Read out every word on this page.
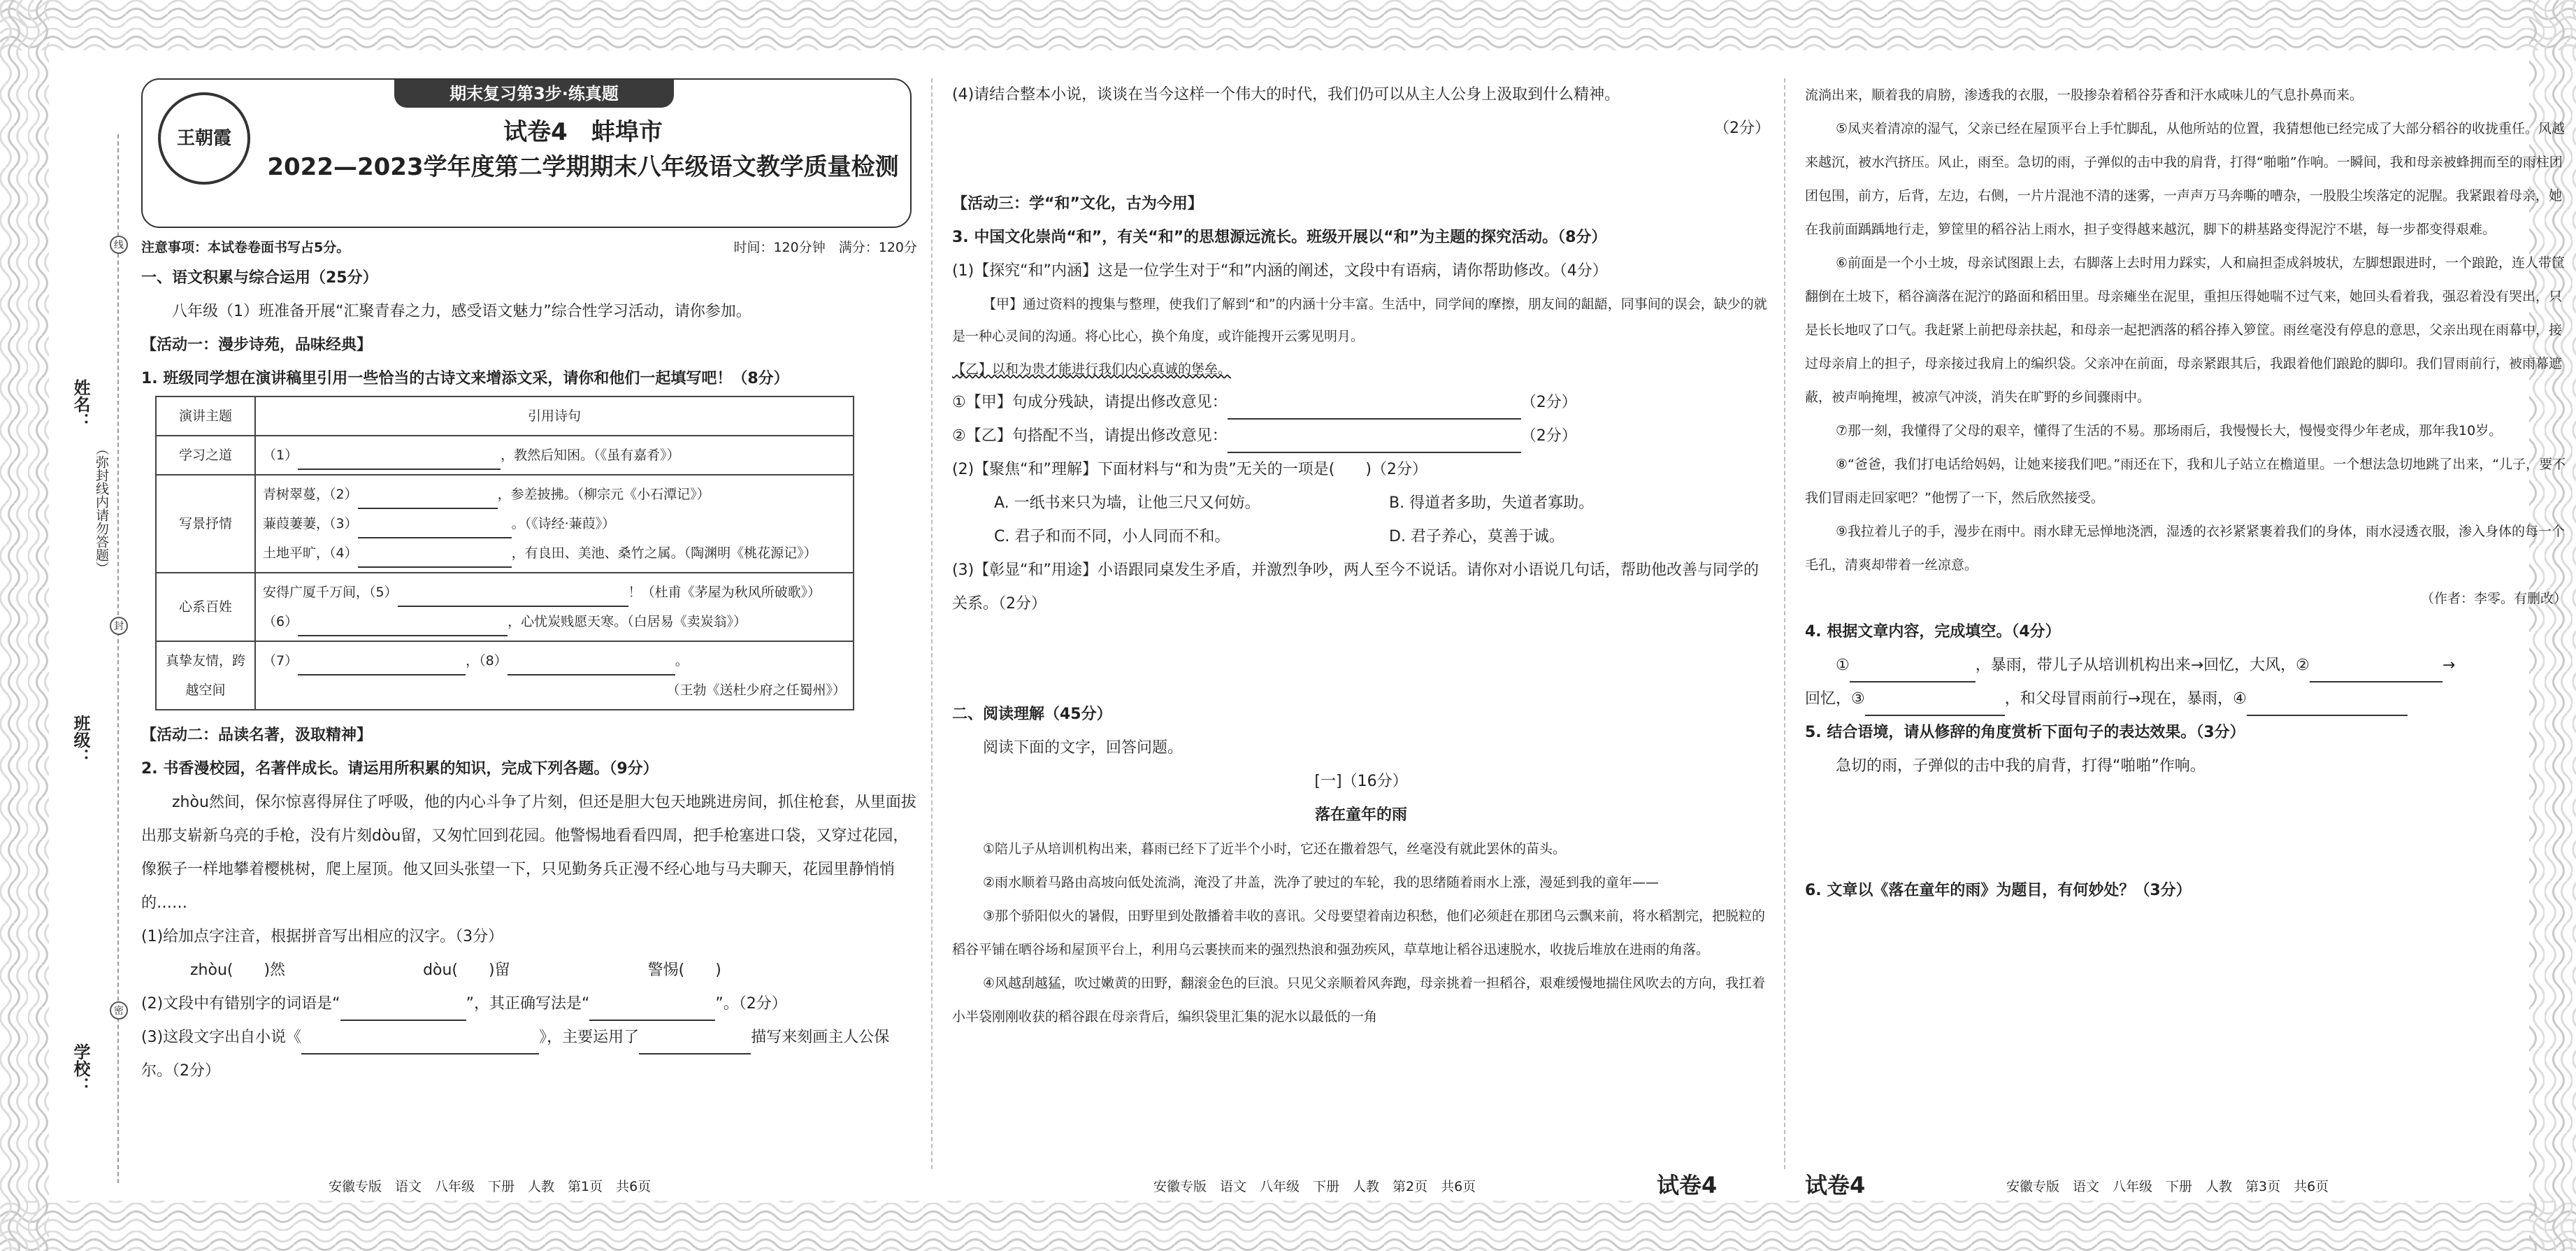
线
封
密
姓名：
（弥封线内请勿答题）
班级：
学校：
王朝霞
期末复习第3步·练真题
试卷4　蚌埠市
2022—2023学年度第二学期期末八年级语文教学质量检测
注意事项：本试卷卷面书写占5分。	时间：120分钟　满分：120分

一、语文积累与综合运用（25分）

八年级（1）班准备开展“汇聚青春之力，感受语文魅力”综合性学习活动，请你参加。

【活动一：漫步诗苑，品味经典】

1. 班级同学想在演讲稿里引用一些恰当的古诗文来增添文采，请你和他们一起填写吧！（8分）

演讲主题	引用诗句
学习之道	（1） ，教然后知困。（《虽有嘉肴》）
写景抒情	青树翠蔓，（2） ，参差披拂。（柳宗元《小石潭记》）
蒹葭萋萋，（3） 。（《诗经·蒹葭》）
土地平旷，（4） ，有良田、美池、桑竹之属。（陶渊明《桃花源记》）

心系百姓	安得广厦千万间，（5） ！（杜甫《茅屋为秋风所破歌》）
（6） ，心忧炭贱愿天寒。（白居易《卖炭翁》）

真挚友情，跨越空间	（7） ，（8） 。
（王勃《送杜少府之任蜀州》）

【活动二：品读名著，汲取精神】

2. 书香漫校园，名著伴成长。请运用所积累的知识，完成下列各题。（9分）

zhòu然间，保尔惊喜得屏住了呼吸，他的内心斗争了片刻，但还是胆大包天地跳进房间，抓住枪套，从里面拔出那支崭新乌亮的手枪，没有片刻dòu留，又匆忙回到花园。他警惕地看看四周，把手枪塞进口袋，又穿过花园，像猴子一样地攀着樱桃树，爬上屋顶。他又回头张望一下，只见勤务兵正漫不经心地与马夫聊天，花园里静悄悄的……

(1)给加点字注音，根据拼音写出相应的汉字。（3分）

zhòu(　　)然	dòu(　　)留	警惕(　　)

(2)文段中有错别字的词语是“	”，其正确写法是“	”。（2分）

(3)这段文字出自小说《	》，主要运用了	描写来刻画主人公保尔。（2分）

安徽专版　语文　八年级　下册　人教　第1页　共6页

(4)请结合整本小说，谈谈在当今这样一个伟大的时代，我们仍可以从主人公身上汲取到什么精神。

（2分）

【活动三：学“和”文化，古为今用】

3. 中国文化崇尚“和”，有关“和”的思想源远流长。班级开展以“和”为主题的探究活动。（8分）

(1)【探究“和”内涵】这是一位学生对于“和”内涵的阐述，文段中有语病，请你帮助修改。（4分）

【甲】通过资料的搜集与整理，使我们了解到“和”的内涵十分丰富。生活中，同学间的摩擦，朋友间的龃龉，同事间的误会，缺少的就是一种心灵间的沟通。将心比心，换个角度，或许能搜开云雾见明月。

【乙】以和为贵才能进行我们内心真诚的堡垒。

①【甲】句成分残缺，请提出修改意见：	（2分）

②【乙】句搭配不当，请提出修改意见：	（2分）

(2)【聚焦“和”理解】下面材料与“和为贵”无关的一项是(　　)（2分）

A. 一纸书来只为墙，让他三尺又何妨。	B. 得道者多助，失道者寡助。

C. 君子和而不同，小人同而不和。	D. 君子养心，莫善于诚。

(3)【彰显“和”用途】小语跟同桌发生矛盾，并激烈争吵，两人至今不说话。请你对小语说几句话，帮助他改善与同学的关系。（2分）

二、阅读理解（45分）

阅读下面的文字，回答问题。

[一]（16分）

落在童年的雨

①陪儿子从培训机构出来，暮雨已经下了近半个小时，它还在撒着怨气，丝毫没有就此罢休的苗头。

②雨水顺着马路由高坡向低处流淌，淹没了井盖，洗净了驶过的车轮，我的思绪随着雨水上涨，漫延到我的童年——

③那个骄阳似火的暑假，田野里到处散播着丰收的喜讯。父母要望着南边积愁，他们必须赶在那团乌云飘来前，将水稻割完，把脱粒的稻谷平铺在晒谷场和屋顶平台上，利用乌云裹挟而来的强烈热浪和强劲疾风，草草地让稻谷迅速脱水，收拢后堆放在进雨的角落。

④风越刮越猛，吹过嫩黄的田野，翻滚金色的巨浪。只见父亲顺着风奔跑，母亲挑着一担稻谷，艰难缓慢地揣住风吹去的方向，我扛着小半袋刚刚收获的稻谷跟在母亲背后，编织袋里汇集的泥水以最低的一角

安徽专版　语文　八年级　下册　人教　第2页　共6页	试卷4

流淌出来，顺着我的肩膀，渗透我的衣服，一股掺杂着稻谷芬香和汗水咸味儿的气息扑鼻而来。

⑤凤夹着清凉的湿气，父亲已经在屋顶平台上手忙脚乱，从他所站的位置，我猜想他已经完成了大部分稻谷的收拢重任。风越来越沉，被水汽挤压。风止，雨至。急切的雨，子弹似的击中我的肩背，打得“啪啪”作响。一瞬间，我和母亲被蜂拥而至的雨柱团团包围，前方，后背，左边，右侧，一片片混池不清的迷雾，一声声万马奔嘶的嘈杂，一股股尘埃落定的泥腥。我紧跟着母亲，她在我前面踽踽地行走，箩筐里的稻谷沾上雨水，担子变得越来越沉，脚下的耕基路变得泥泞不堪，每一步都变得艰难。

⑥前面是一个小土坡，母亲试图跟上去，右脚落上去时用力踩实，人和扁担歪成斜坡状，左脚想跟进时，一个踉跄，连人带筐翻倒在土坡下，稻谷滴落在泥泞的路面和稻田里。母亲瘫坐在泥里，重担压得她喘不过气来，她回头看着我，强忍着没有哭出，只是长长地叹了口气。我赶紧上前把母亲扶起，和母亲一起把洒落的稻谷捧入箩筐。雨丝毫没有停息的意思，父亲出现在雨幕中，接过母亲肩上的担子，母亲接过我肩上的编织袋。父亲冲在前面，母亲紧跟其后，我跟着他们踉跄的脚印。我们冒雨前行，被雨幕遮蔽，被声响掩埋，被凉气冲淡，消失在旷野的乡间骤雨中。

⑦那一刻，我懂得了父母的艰辛，懂得了生活的不易。那场雨后，我慢慢长大，慢慢变得少年老成，那年我10岁。

⑧“爸爸，我们打电话给妈妈，让她来接我们吧。”雨还在下，我和儿子站立在檐道里。一个想法急切地跳了出来，“儿子，要不我们冒雨走回家吧？”他愣了一下，然后欣然接受。

⑨我拉着儿子的手，漫步在雨中。雨水肆无忌惮地浇洒，湿透的衣衫紧紧裹着我们的身体，雨水浸透衣服，渗入身体的每一个毛孔，清爽却带着一丝凉意。

（作者：李零。有删改）

4. 根据文章内容，完成填空。（4分）

①	，暴雨，带儿子从培训机构出来→回忆，大风，②	→

回忆，③	，和父母冒雨前行→现在，暴雨，④

5. 结合语境，请从修辞的角度赏析下面句子的表达效果。（3分）

急切的雨，子弹似的击中我的肩背，打得“啪啪”作响。

6. 文章以《落在童年的雨》为题目，有何妙处？（3分）

试卷4	安徽专版　语文　八年级　下册　人教　第3页　共6页
